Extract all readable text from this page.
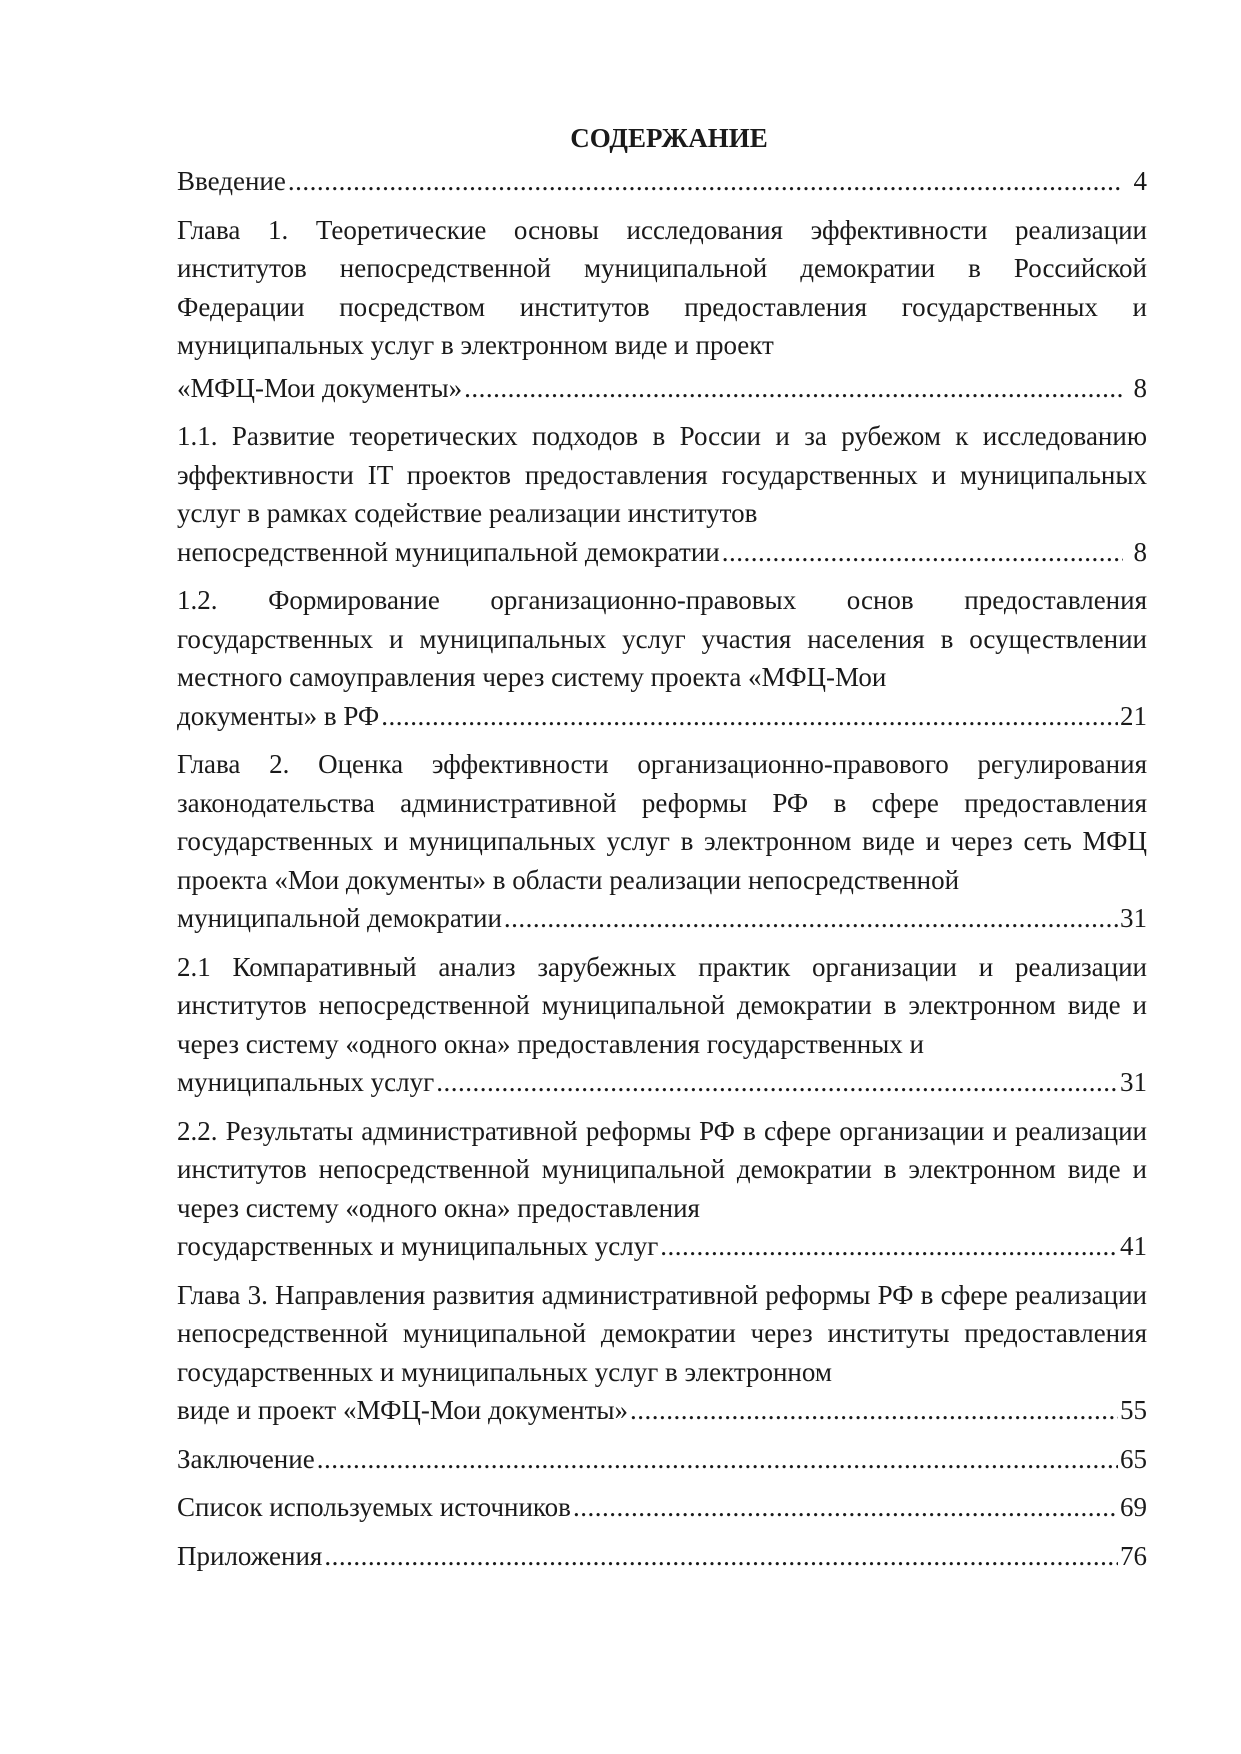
СОДЕРЖАНИЕ
Введение .....	4
Глава 1. Теоретические основы исследования эффективности реализации институтов непосредственной муниципальной демократии в Российской Федерации посредством институтов предоставления государственных и муниципальных услуг в электронном виде и проект
«МФЦ-Мои документы» .....	8
1.1. Развитие теоретических подходов в России и за рубежом к исследованию эффективности IT проектов предоставления государственных и муниципальных услуг в рамках содействие реализации институтов
непосредственной муниципальной демократии .....	8
1.2. Формирование организационно-правовых основ предоставления государственных и муниципальных услуг участия населения в осуществлении местного самоуправления через систему проекта «МФЦ-Мои
документы» в РФ .....	21
Глава 2. Оценка эффективности организационно-правового регулирования законодательства административной реформы РФ в сфере предоставления государственных и муниципальных услуг в электронном виде и через сеть МФЦ проекта «Мои документы» в области реализации непосредственной
муниципальной демократии .....	31
2.1 Компаративный анализ зарубежных практик организации и реализации институтов непосредственной муниципальной демократии в электронном виде и через систему «одного окна» предоставления государственных и
муниципальных услуг .....	31
2.2. Результаты административной реформы РФ в сфере организации и реализации институтов непосредственной муниципальной демократии в электронном виде и через систему «одного окна» предоставления
государственных и муниципальных услуг .....	41
Глава 3. Направления развития административной реформы РФ в сфере реализации непосредственной муниципальной демократии через институты предоставления государственных и муниципальных услуг в электронном
виде и проект «МФЦ-Мои документы» .....	55
Заключение .....	65
Список используемых источников .....	69
Приложения .....	76
